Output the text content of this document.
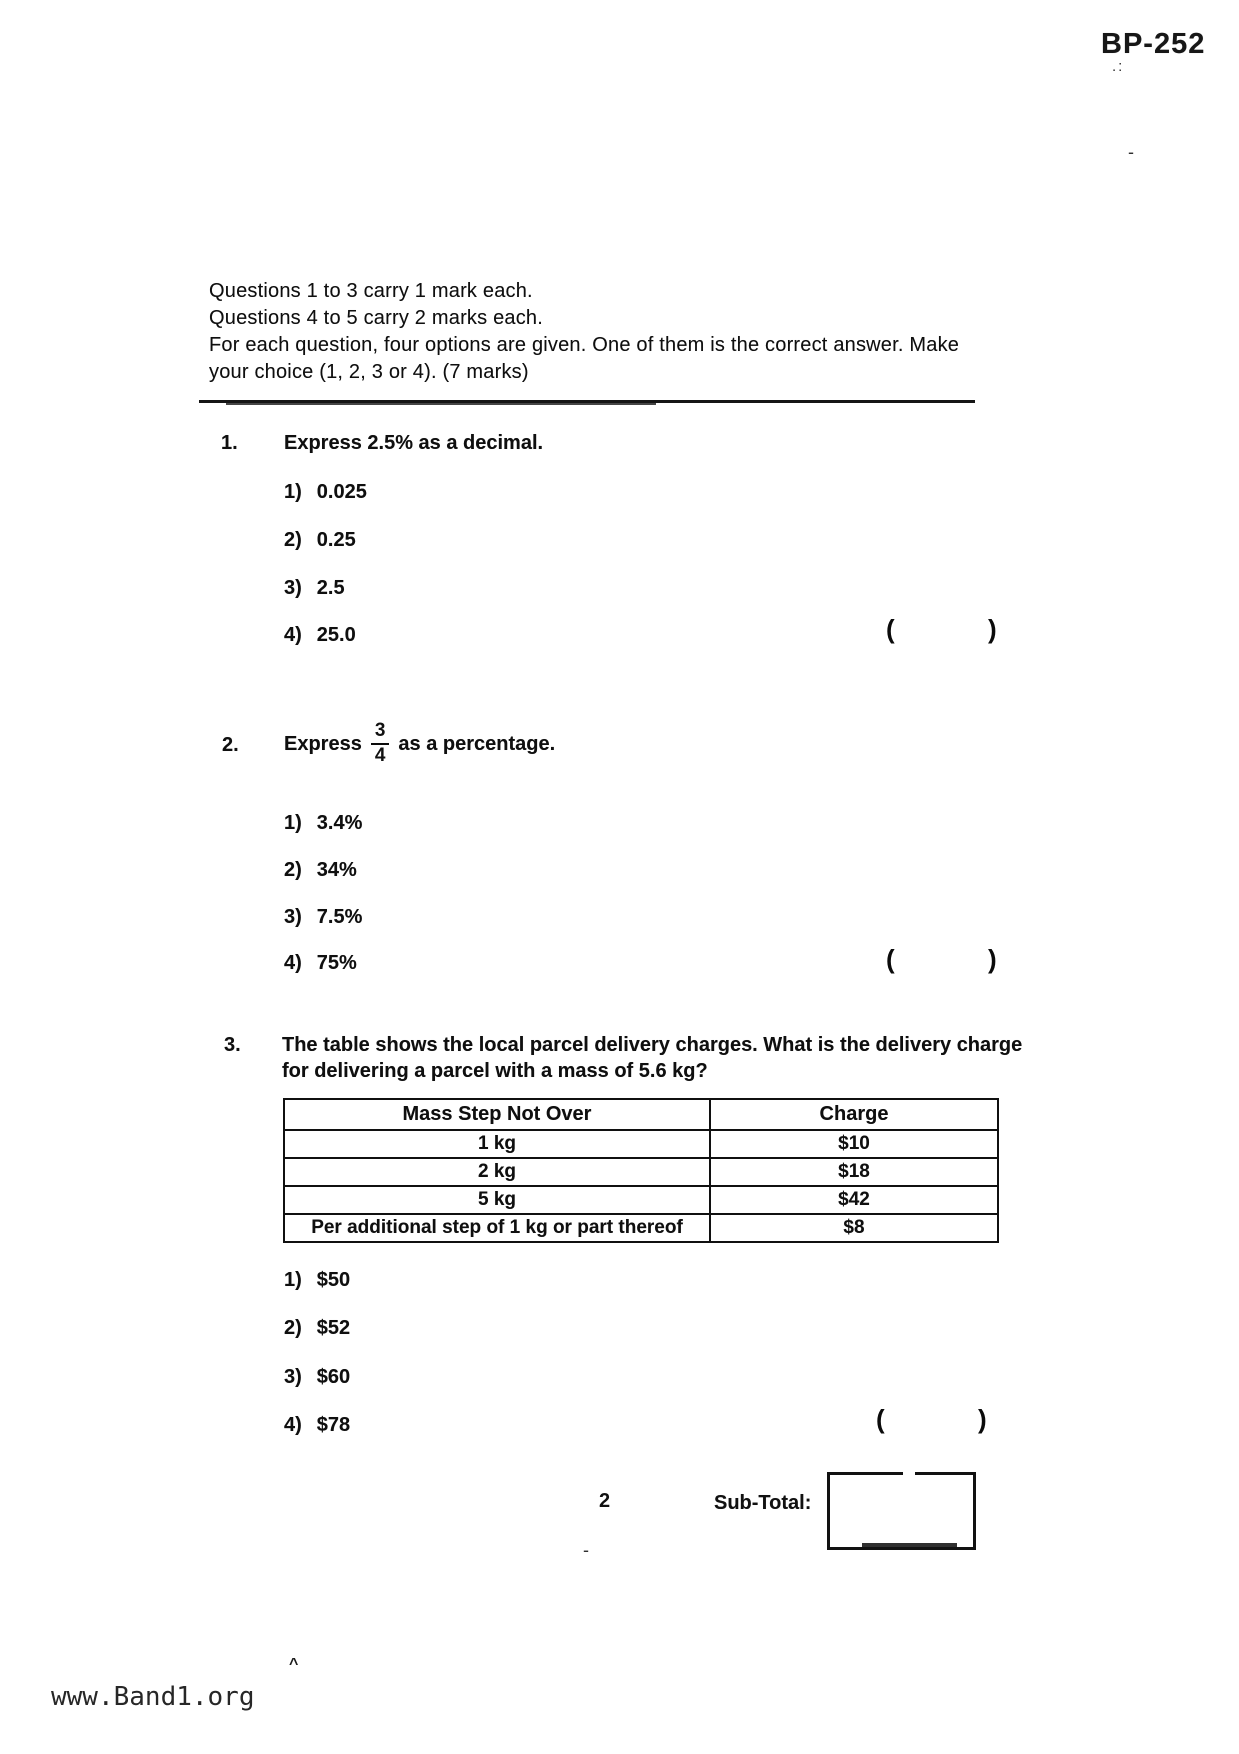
BP-252
.:
-
Questions 1 to 3 carry 1 mark each.
Questions 4 to 5 carry 2 marks each.
For each question, four options are given. One of them is the correct answer. Make
your choice (1, 2, 3 or 4). (7 marks)
1. Express 2.5% as a decimal.
1) 0.025
2) 0.25
3) 2.5
4) 25.0	(	)
2. Express $\frac{3}{4}$ as a percentage.
1) 3.4%
2) 34%
3) 7.5%
4) 75%	(	)
3. The table shows the local parcel delivery charges. What is the delivery charge
for delivering a parcel with a mass of 5.6 kg?
Mass Step Not Over	Charge
1 kg	$10
2 kg	$18
5 kg	$42
Per additional step of 1 kg or part thereof	$8
1) $50
2) $52
3) $60
4) $78	(	)
2	Sub-Total:
-
^
www.Band1.org
